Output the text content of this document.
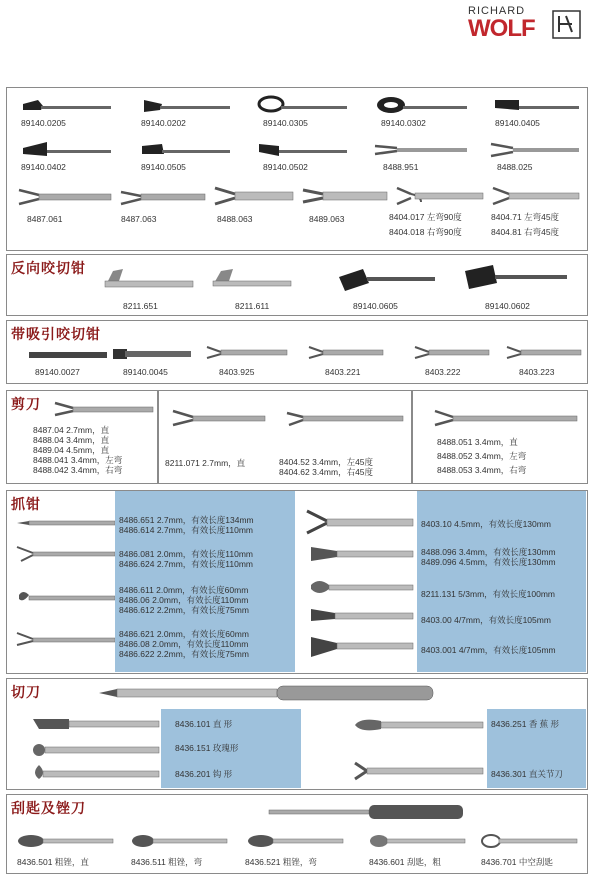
RICHARD
WOLF
89140.0205	89140.0202	89140.0305	89140.0302	89140.0405
89140.0402	89140.0505	89140.0502	8488.951	8488.025
8487.061	8487.063	8488.063	8489.063	8404.017 左弯90度
8404.018 右弯90度
8404.71 左弯45度
8404.81 右弯45度
反向咬切钳
8211.651	8211.611	89140.0605	89140.0602
带吸引咬切钳
89140.0027	89140.0045	8403.925	8403.221	8403.222	8403.223
剪刀
8487.04 2.7mm，直
8488.04 3.4mm，直
8489.04 4.5mm，直
8488.041 3.4mm，左弯
8488.042 3.4mm，右弯
8211.071 2.7mm，直	8404.52 3.4mm，左45度
8404.62 3.4mm，右45度
8488.051 3.4mm，直
8488.052 3.4mm，左弯
8488.053 3.4mm，右弯
抓钳
8486.651 2.7mm，有效长度134mm
8486.614 2.7mm，有效长度110mm
8486.081 2.0mm，有效长度110mm
8486.624 2.7mm，有效长度110mm
8486.611 2.0mm，有效长度60mm
8486.06 2.0mm，有效长度110mm
8486.612 2.2mm，有效长度75mm
8486.621 2.0mm，有效长度60mm
8486.08 2.0mm，有效长度110mm
8486.622 2.2mm，有效长度75mm
8403.10 4.5mm，有效长度130mm
8488.096 3.4mm，有效长度130mm
8489.096 4.5mm，有效长度130mm
8211.131 5/3mm，有效长度100mm
8403.00 4/7mm，有效长度105mm
8403.001 4/7mm，有效长度105mm
切刀
8436.101 直 形
8436.151 玫瑰形
8436.201 钩 形
8436.251 香 蕉 形
8436.301 直关节刀
刮匙及锉刀
8436.501 粗锉，直	8436.511 粗锉，弯	8436.521 粗锉，弯	8436.601 刮匙，粗	8436.701 中空刮匙
